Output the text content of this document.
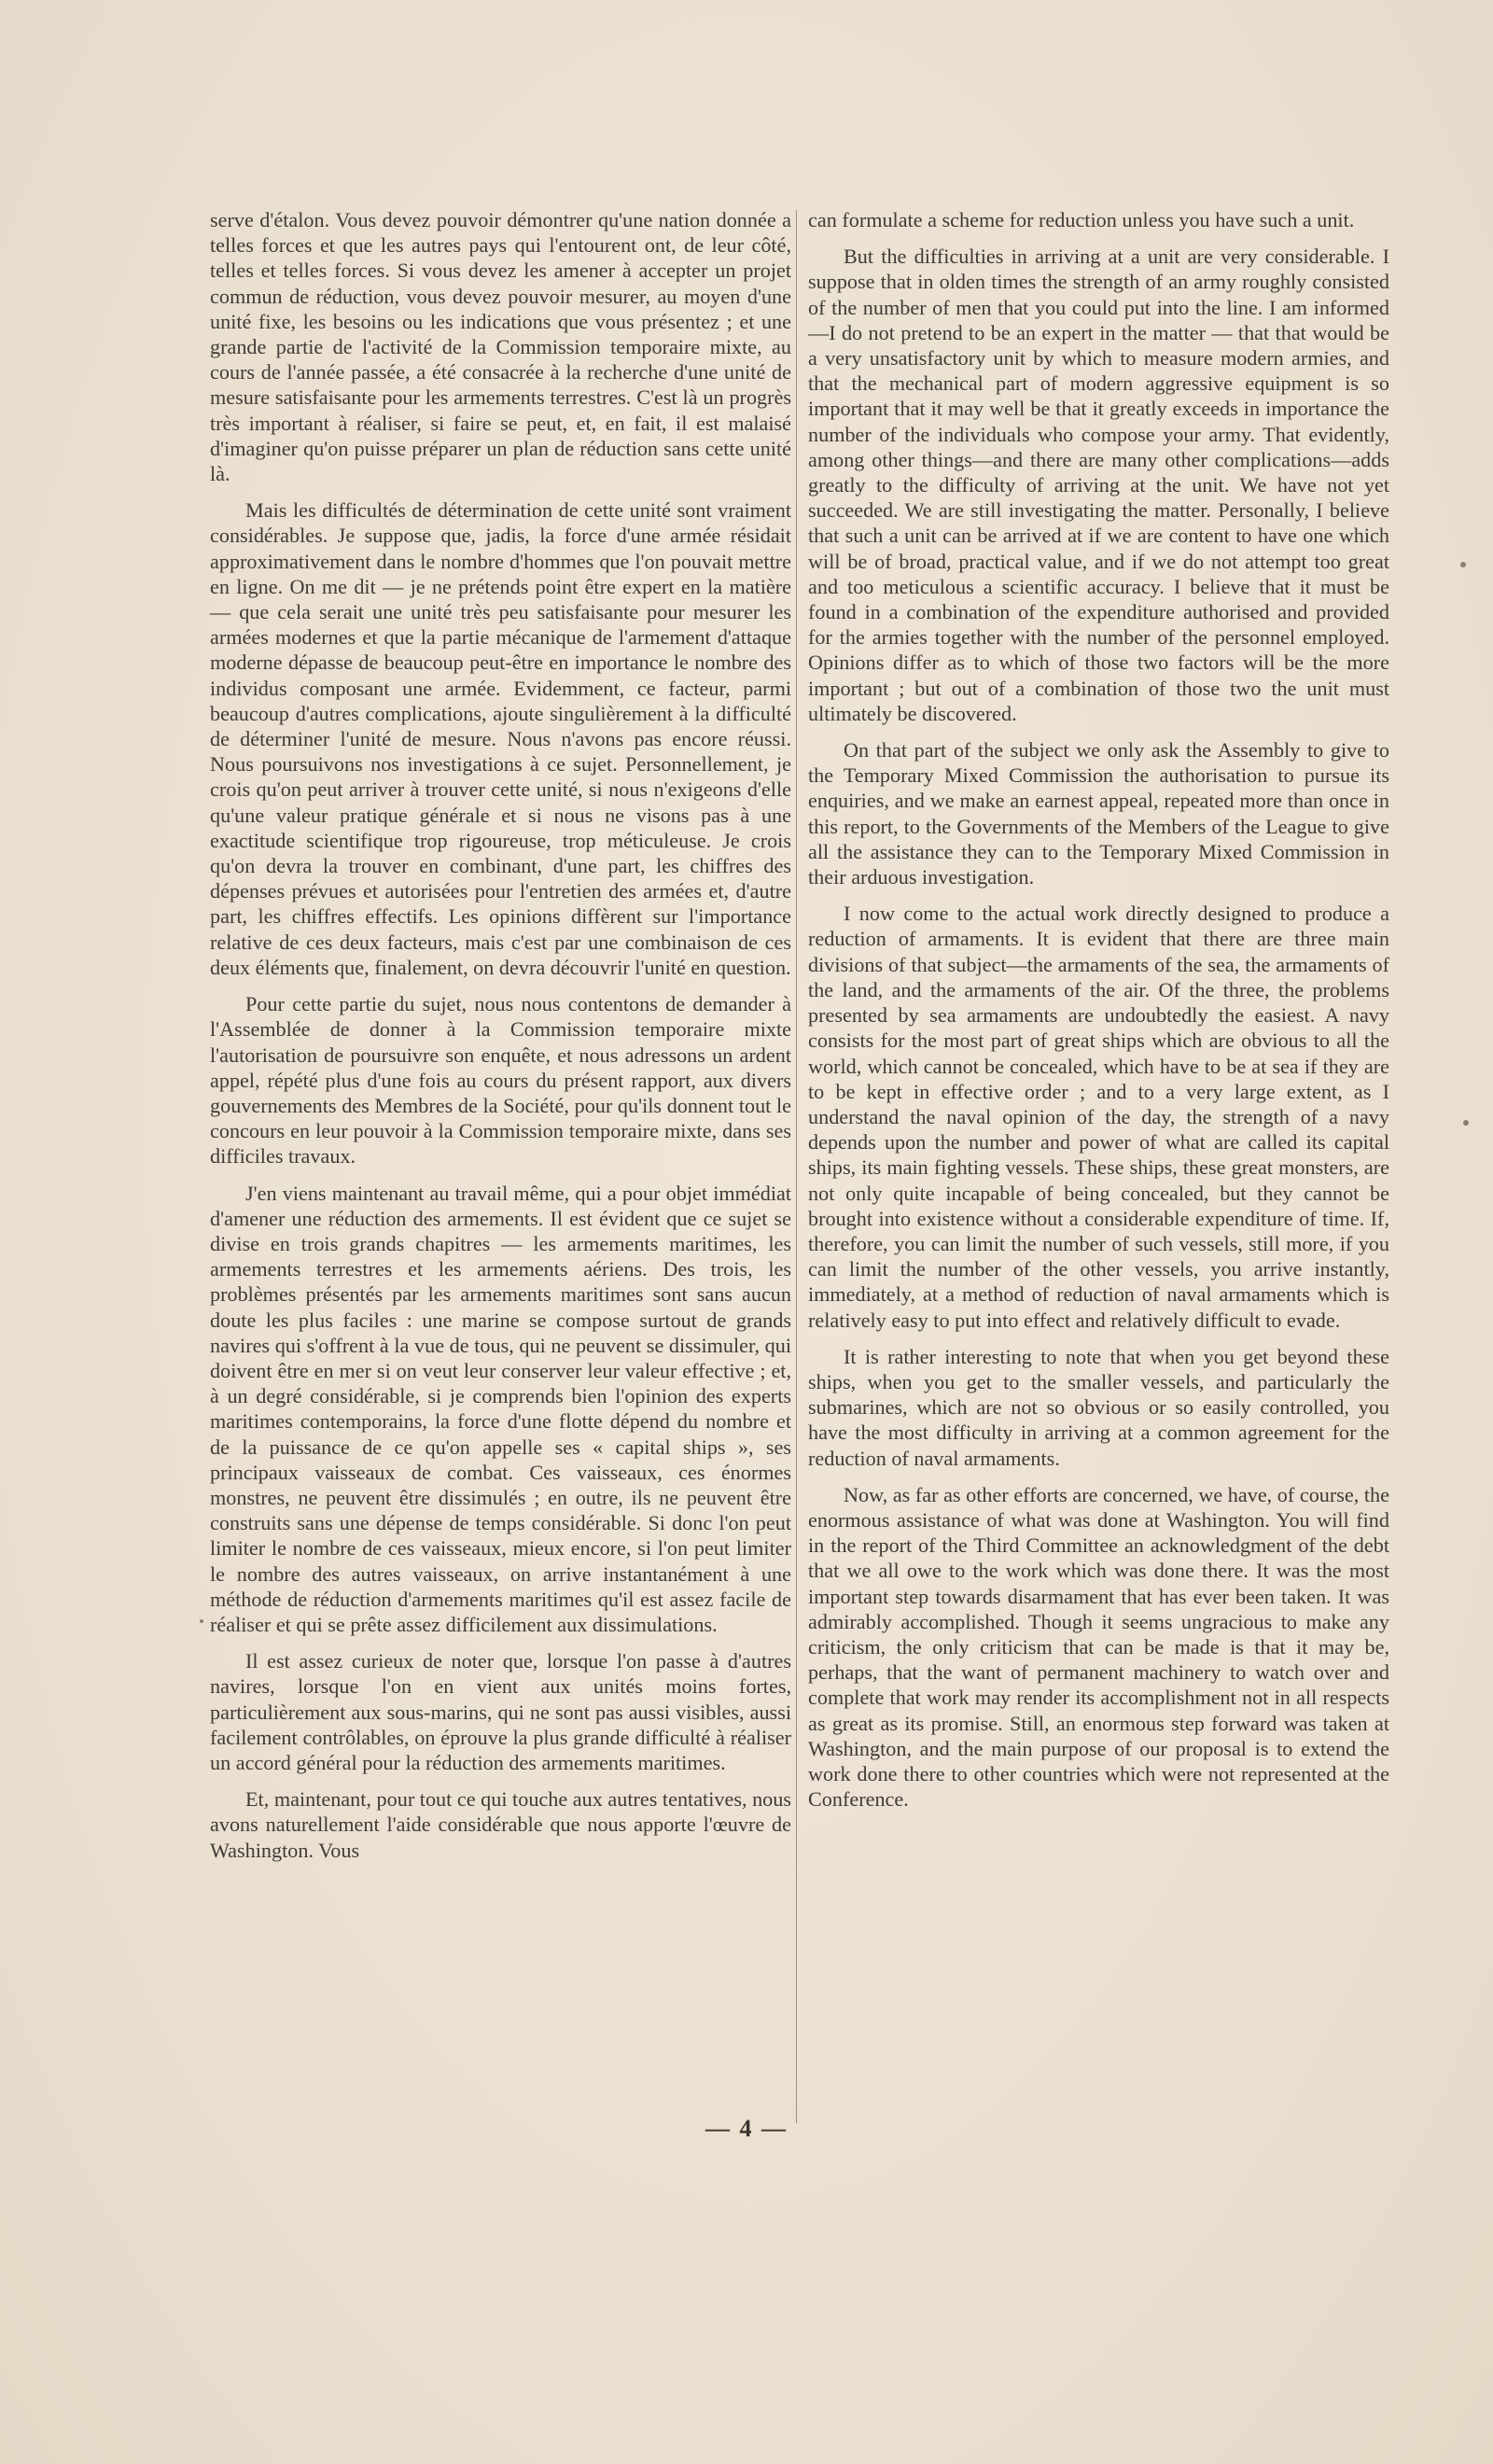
serve d'étalon. Vous devez pouvoir démontrer qu'une nation donnée a telles forces et que les autres pays qui l'entourent ont, de leur côté, telles et telles forces. Si vous devez les amener à accepter un projet commun de réduction, vous devez pouvoir mesurer, au moyen d'une unité fixe, les besoins ou les indications que vous présentez ; et une grande partie de l'activité de la Commission temporaire mixte, au cours de l'année passée, a été consacrée à la recherche d'une unité de mesure satisfaisante pour les armements terrestres. C'est là un progrès très important à réaliser, si faire se peut, et, en fait, il est malaisé d'imaginer qu'on puisse préparer un plan de réduction sans cette unité là.

Mais les difficultés de détermination de cette unité sont vraiment considérables. Je suppose que, jadis, la force d'une armée résidait approximativement dans le nombre d'hommes que l'on pouvait mettre en ligne. On me dit — je ne prétends point être expert en la matière — que cela serait une unité très peu satisfaisante pour mesurer les armées modernes et que la partie mécanique de l'armement d'attaque moderne dépasse de beaucoup peut-être en importance le nombre des individus composant une armée. Evidemment, ce facteur, parmi beaucoup d'autres complications, ajoute singulièrement à la difficulté de déterminer l'unité de mesure. Nous n'avons pas encore réussi. Nous poursuivons nos investigations à ce sujet. Personnellement, je crois qu'on peut arriver à trouver cette unité, si nous n'exigeons d'elle qu'une valeur pratique générale et si nous ne visons pas à une exactitude scientifique trop rigoureuse, trop méticuleuse. Je crois qu'on devra la trouver en combinant, d'une part, les chiffres des dépenses prévues et autorisées pour l'entretien des armées et, d'autre part, les chiffres effectifs. Les opinions diffèrent sur l'importance relative de ces deux facteurs, mais c'est par une combinaison de ces deux éléments que, finalement, on devra découvrir l'unité en question.

Pour cette partie du sujet, nous nous contentons de demander à l'Assemblée de donner à la Commission temporaire mixte l'autorisation de poursuivre son enquête, et nous adressons un ardent appel, répété plus d'une fois au cours du présent rapport, aux divers gouvernements des Membres de la Société, pour qu'ils donnent tout le concours en leur pouvoir à la Commission temporaire mixte, dans ses difficiles travaux.

J'en viens maintenant au travail même, qui a pour objet immédiat d'amener une réduction des armements. Il est évident que ce sujet se divise en trois grands chapitres — les armements maritimes, les armements terrestres et les armements aériens. Des trois, les problèmes présentés par les armements maritimes sont sans aucun doute les plus faciles : une marine se compose surtout de grands navires qui s'offrent à la vue de tous, qui ne peuvent se dissimuler, qui doivent être en mer si on veut leur conserver leur valeur effective ; et, à un degré considérable, si je comprends bien l'opinion des experts maritimes contemporains, la force d'une flotte dépend du nombre et de la puissance de ce qu'on appelle ses « capital ships », ses principaux vaisseaux de combat. Ces vaisseaux, ces énormes monstres, ne peuvent être dissimulés ; en outre, ils ne peuvent être construits sans une dépense de temps considérable. Si donc l'on peut limiter le nombre de ces vaisseaux, mieux encore, si l'on peut limiter le nombre des autres vaisseaux, on arrive instantanément à une méthode de réduction d'armements maritimes qu'il est assez facile de réaliser et qui se prête assez difficilement aux dissimulations.

Il est assez curieux de noter que, lorsque l'on passe à d'autres navires, lorsque l'on en vient aux unités moins fortes, particulièrement aux sous-marins, qui ne sont pas aussi visibles, aussi facilement contrôlables, on éprouve la plus grande difficulté à réaliser un accord général pour la réduction des armements maritimes.

Et, maintenant, pour tout ce qui touche aux autres tentatives, nous avons naturellement l'aide considérable que nous apporte l'œuvre de Washington. Vous

can formulate a scheme for reduction unless you have such a unit.

But the difficulties in arriving at a unit are very considerable. I suppose that in olden times the strength of an army roughly consisted of the number of men that you could put into the line. I am informed—I do not pretend to be an expert in the matter — that that would be a very unsatisfactory unit by which to measure modern armies, and that the mechanical part of modern aggressive equipment is so important that it may well be that it greatly exceeds in importance the number of the individuals who compose your army. That evidently, among other things—and there are many other complications—adds greatly to the difficulty of arriving at the unit. We have not yet succeeded. We are still investigating the matter. Personally, I believe that such a unit can be arrived at if we are content to have one which will be of broad, practical value, and if we do not attempt too great and too meticulous a scientific accuracy. I believe that it must be found in a combination of the expenditure authorised and provided for the armies together with the number of the personnel employed. Opinions differ as to which of those two factors will be the more important ; but out of a combination of those two the unit must ultimately be discovered.

On that part of the subject we only ask the Assembly to give to the Temporary Mixed Commission the authorisation to pursue its enquiries, and we make an earnest appeal, repeated more than once in this report, to the Governments of the Members of the League to give all the assistance they can to the Temporary Mixed Commission in their arduous investigation.

I now come to the actual work directly designed to produce a reduction of armaments. It is evident that there are three main divisions of that subject—the armaments of the sea, the armaments of the land, and the armaments of the air. Of the three, the problems presented by sea armaments are undoubtedly the easiest. A navy consists for the most part of great ships which are obvious to all the world, which cannot be concealed, which have to be at sea if they are to be kept in effective order ; and to a very large extent, as I understand the naval opinion of the day, the strength of a navy depends upon the number and power of what are called its capital ships, its main fighting vessels. These ships, these great monsters, are not only quite incapable of being concealed, but they cannot be brought into existence without a considerable expenditure of time. If, therefore, you can limit the number of such vessels, still more, if you can limit the number of the other vessels, you arrive instantly, immediately, at a method of reduction of naval armaments which is relatively easy to put into effect and relatively difficult to evade.

It is rather interesting to note that when you get beyond these ships, when you get to the smaller vessels, and particularly the submarines, which are not so obvious or so easily controlled, you have the most difficulty in arriving at a common agreement for the reduction of naval armaments.

Now, as far as other efforts are concerned, we have, of course, the enormous assistance of what was done at Washington. You will find in the report of the Third Committee an acknowledgment of the debt that we all owe to the work which was done there. It was the most important step towards disarmament that has ever been taken. It was admirably accomplished. Though it seems ungracious to make any criticism, the only criticism that can be made is that it may be, perhaps, that the want of permanent machinery to watch over and complete that work may render its accomplishment not in all respects as great as its promise. Still, an enormous step forward was taken at Washington, and the main purpose of our proposal is to extend the work done there to other countries which were not represented at the Conference.

— 4 —
